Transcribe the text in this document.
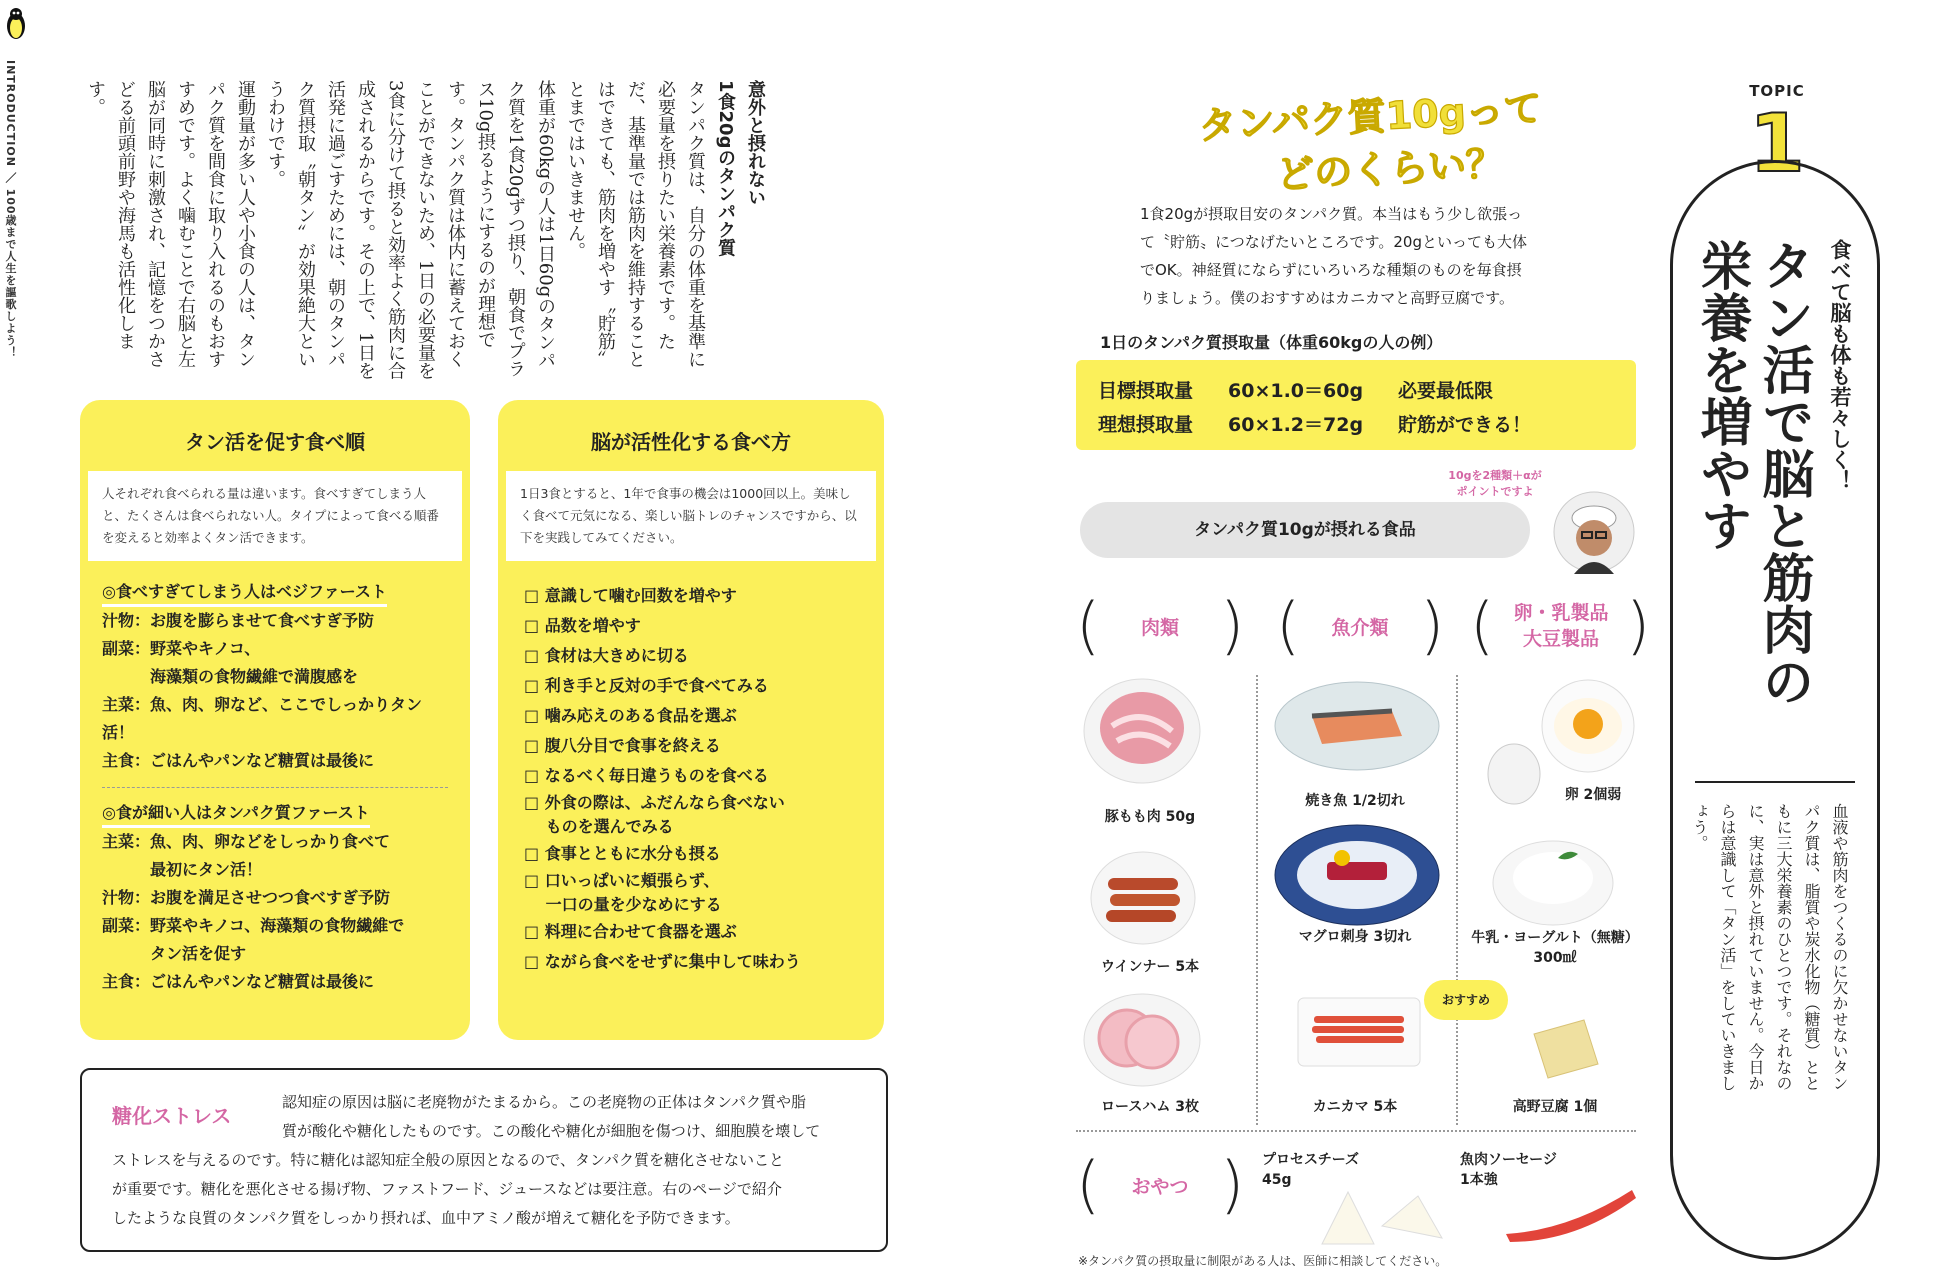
INTRODUCTION ／ 100歳まで人生を謳歌しよう！	意外と摂れない
1食20gのタンパク質
タンパク質は、自分の体重を基準に必要量を摂りたい栄養素です。ただ、基準量では筋肉を維持することはできても、筋肉を増やす〝貯筋〟とまではいきません。
体重が60kgの人は1日60gのタンパク質を1食20gずつ摂り、朝食でプラス10g摂るようにするのが理想です。タンパク質は体内に蓄えておくことができないため、1日の必要量を3食に分けて摂ると効率よく筋肉に合成されるからです。その上で、1日を活発に過ごすためには、朝のタンパク質摂取〝朝タン〟が効果絶大というわけです。
運動量が多い人や小食の人は、タンパク質を間食に取り入れるのもおすすめです。よく噛むことで右脳と左脳が同時に刺激され、記憶をつかさどる前頭前野や海馬も活性化します。
タン活を促す食べ順
人それぞれ食べられる量は違います。食べすぎてしまう人と、たくさんは食べられない人。タイプによって食べる順番を変えると効率よくタン活できます。
◎食べすぎてしまう人はベジファースト
汁物：お腹を膨らませて食べすぎ予防
副菜：野菜やキノコ、
　　　海藻類の食物繊維で満腹感を
主菜：魚、肉、卵など、ここでしっかりタン活！
主食：ごはんやパンなど糖質は最後に
◎食が細い人はタンパク質ファースト
主菜：魚、肉、卵などをしっかり食べて
　　　最初にタン活！
汁物：お腹を満足させつつ食べすぎ予防
副菜：野菜やキノコ、海藻類の食物繊維で
　　　タン活を促す
主食：ごはんやパンなど糖質は最後に
脳が活性化する食べ方
1日3食とすると、1年で食事の機会は1000回以上。美味しく食べて元気になる、楽しい脳トレのチャンスですから、以下を実践してみてください。
□ 意識して噛む回数を増やす
□ 品数を増やす
□ 食材は大きめに切る
□ 利き手と反対の手で食べてみる
□ 噛み応えのある食品を選ぶ
□ 腹八分目で食事を終える
□ なるべく毎日違うものを食べる
□ 外食の際は、ふだんなら食べない
　 ものを選んでみる
□ 食事とともに水分も摂る
□ 口いっぱいに頬張らず、
　 一口の量を少なめにする
□ 料理に合わせて食器を選ぶ
□ ながら食べをせずに集中して味わう
糖化ストレス
認知症の原因は脳に老廃物がたまるから。この老廃物の正体はタンパク質や脂
質が酸化や糖化したものです。この酸化や糖化が細胞を傷つけ、細胞膜を壊して
ストレスを与えるのです。特に糖化は認知症全般の原因となるので、タンパク質を糖化させないこと
が重要です。糖化を悪化させる揚げ物、ファストフード、ジュースなどは要注意。右のページで紹介
したような良質のタンパク質をしっかり摂れば、血中アミノ酸が増えて糖化を予防できます。
TOPIC
1
食べて脳も体も若々しく！
タン活で脳と筋肉の
栄養を増やす
血液や筋肉をつくるのに欠かせないタンパク質は、脂質や炭水化物（糖質）とともに三大栄養素のひとつです。それなのに、実は意外と摂れていません。今日からは意識して「タン活」をしていきましょう。
タンパク質10gって
どのくらい？
1食20gが摂取目安のタンパク質。本当はもう少し欲張っ
て〝貯筋〟につなげたいところです。20gといっても大体
でOK。神経質にならずにいろいろな種類のものを毎食摂
りましょう。僕のおすすめはカニカマと高野豆腐です。
1日のタンパク質摂取量（体重60kgの人の例）
目標摂取量 60×1.0＝60g 必要最低限
理想摂取量 60×1.2＝72g 貯筋ができる！
10gを2種類＋αが
ポイントですよ
タンパク質10gが摂れる食品
(	肉類 ) (	魚介類 ) (	卵・乳製品
大豆製品 )
豚もも肉 50g
ウインナー 5本
ロースハム 3枚
焼き魚 1/2切れ
マグロ刺身 3切れ
カニカマ 5本
卵 2個弱
牛乳・ヨーグルト（無糖）
300㎖
おすすめ
高野豆腐 1個
(	おやつ ) プロセスチーズ
45g
魚肉ソーセージ
1本強
※タンパク質の摂取量に制限がある人は、医師に相談してください。
